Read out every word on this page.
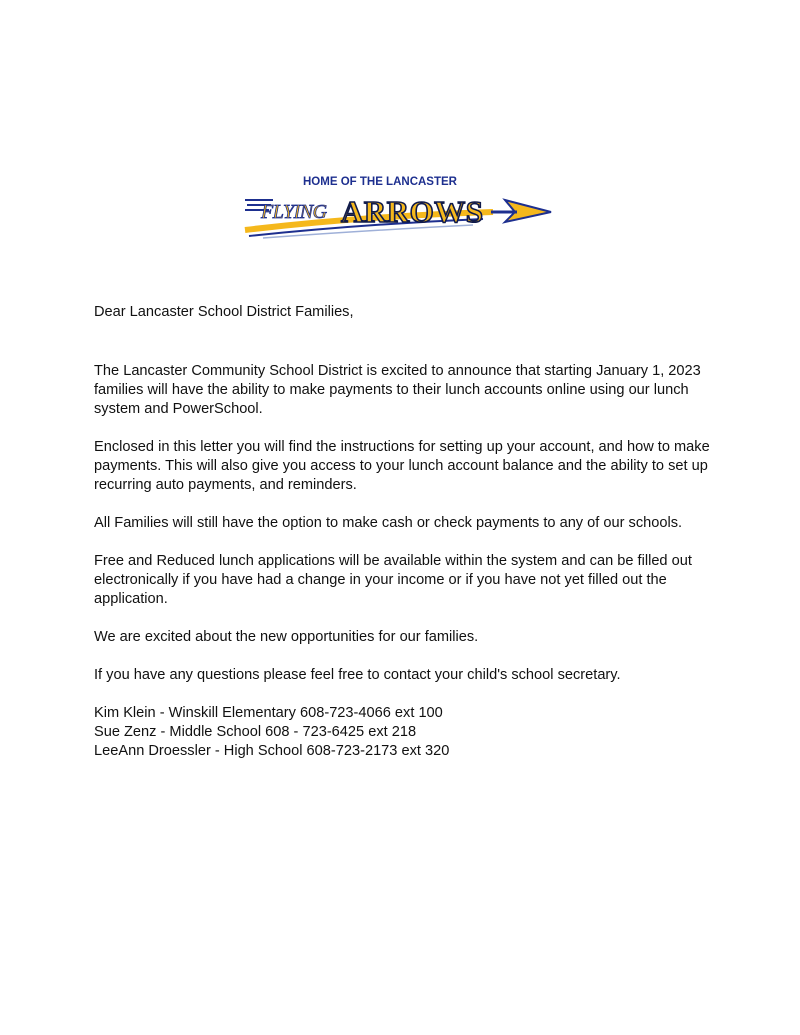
HOME OF THE LANCASTER
FLYING ARROWS

Dear Lancaster School District Families,

The Lancaster Community School District is excited to announce that starting January 1, 2023 families will have the ability to make payments to their lunch accounts online using our lunch system and PowerSchool.

Enclosed in this letter you will find the instructions for setting up your account, and how to make payments. This will also give you access to your lunch account balance and the ability to set up recurring auto payments, and reminders.

All Families will still have the option to make cash or check payments to any of our schools.

Free and Reduced lunch applications will be available within the system and can be filled out electronically if you have had a change in your income or if you have not yet filled out the application.

We are excited about the new opportunities for our families.

If you have any questions please feel free to contact your child's school secretary.

Kim Klein - Winskill Elementary 608-723-4066 ext 100
Sue Zenz - Middle School 608 - 723-6425 ext 218
LeeAnn Droessler - High School 608-723-2173 ext 320
